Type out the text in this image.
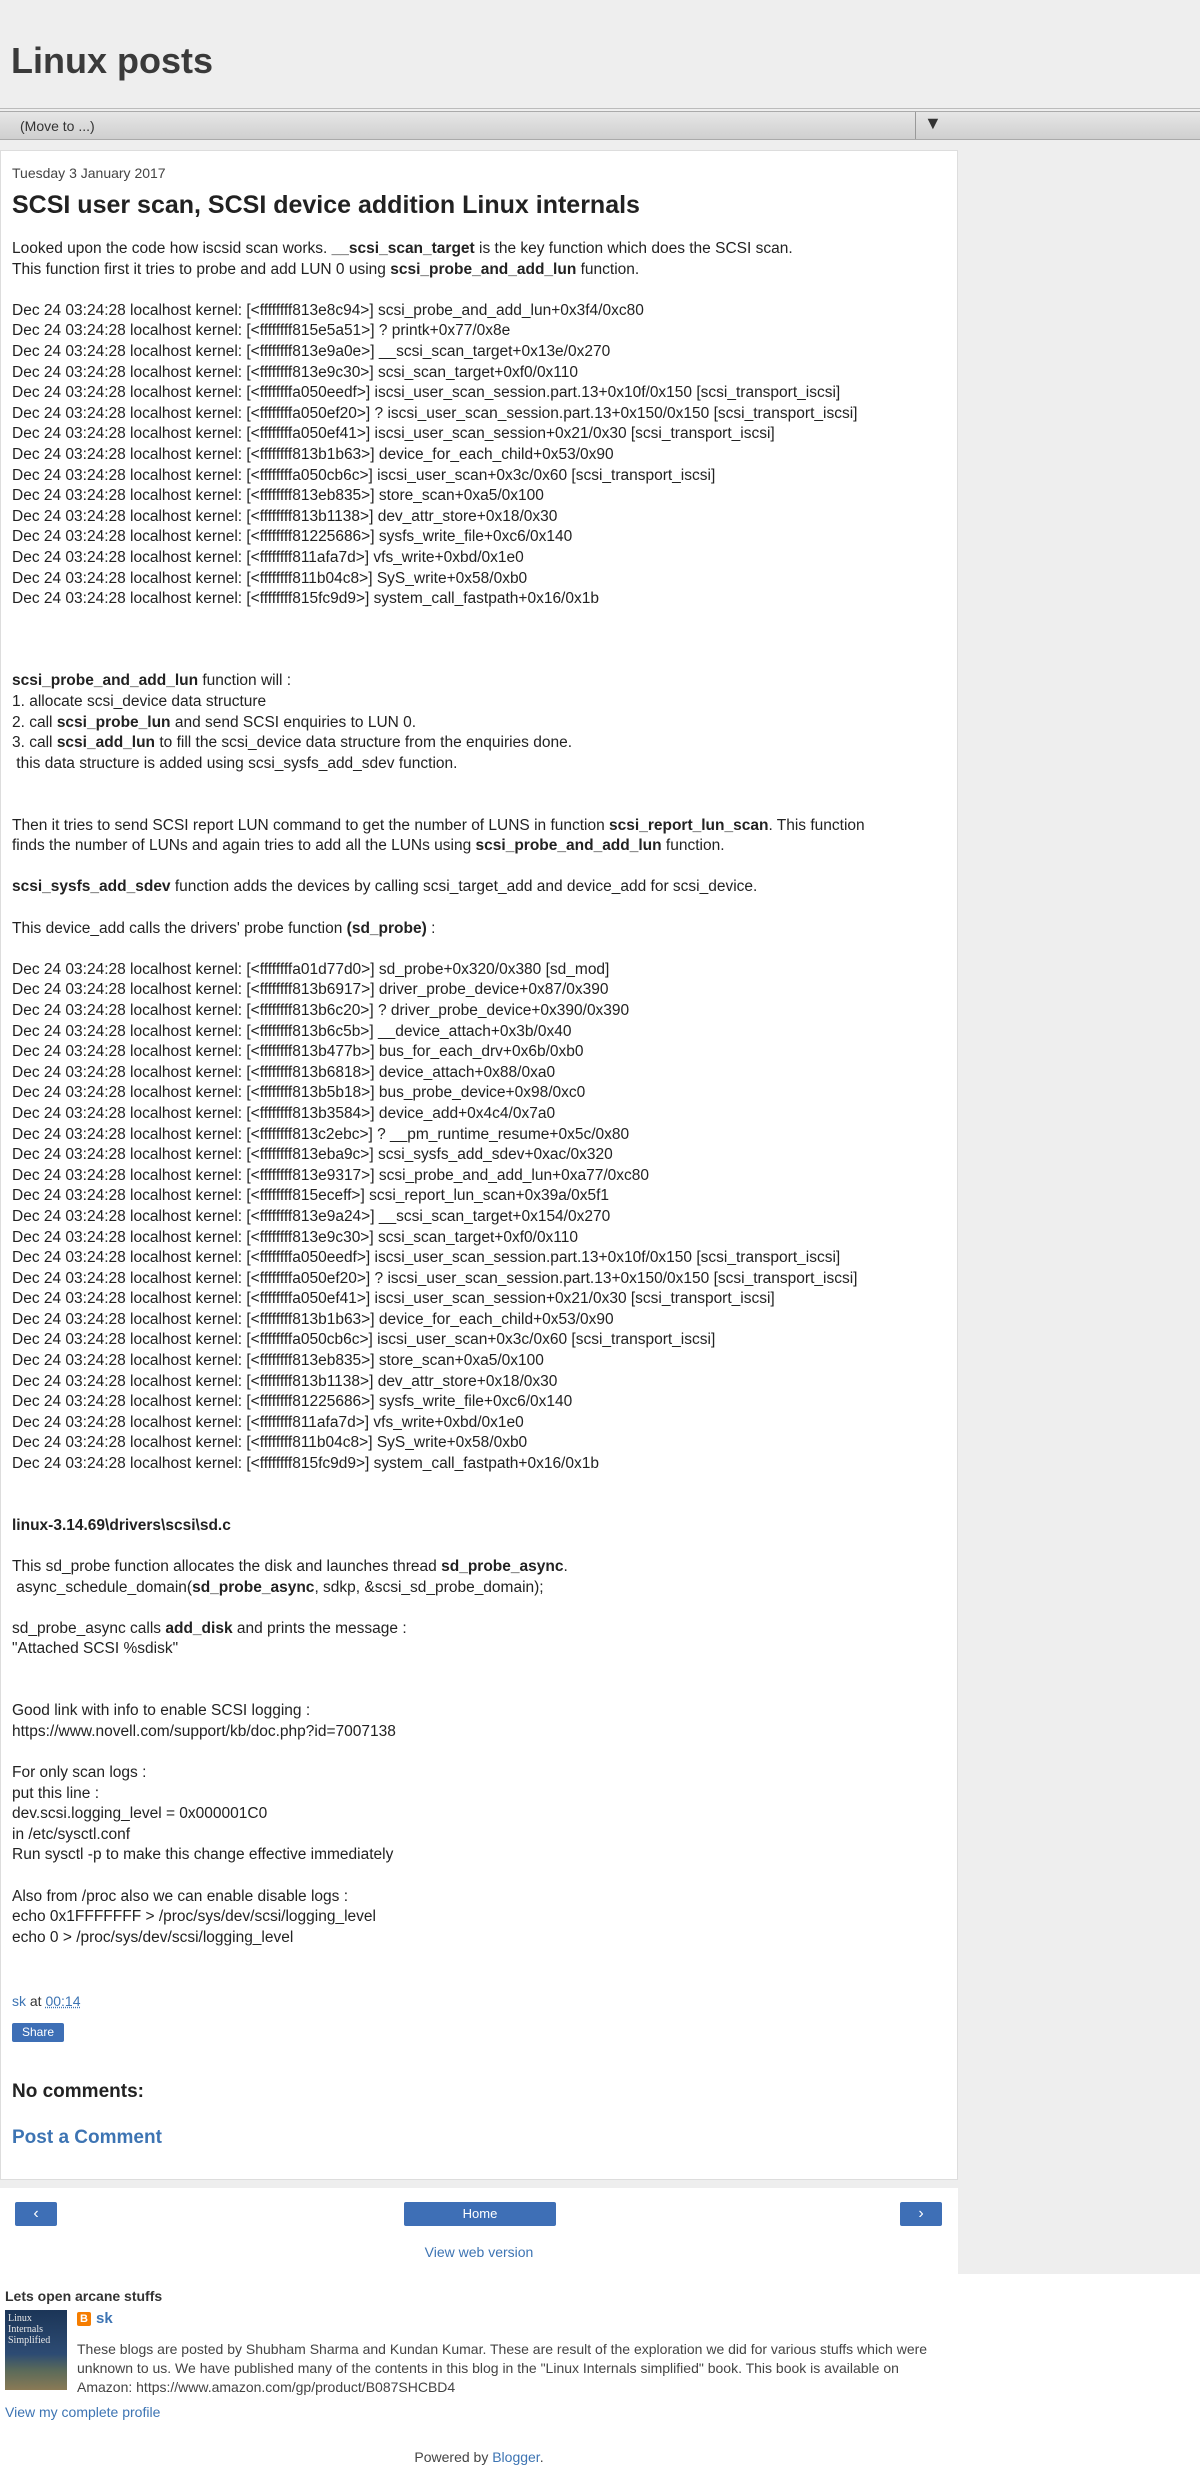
Linux posts
(Move to ...)	▼
Tuesday 3 January 2017
SCSI user scan, SCSI device addition Linux internals
Looked upon the code how iscsid scan works. __scsi_scan_target is the key function which does the SCSI scan.
This function first it tries to probe and add LUN 0 using scsi_probe_and_add_lun function.
Dec 24 03:24:28 localhost kernel: [<ffffffff813e8c94>] scsi_probe_and_add_lun+0x3f4/0xc80
Dec 24 03:24:28 localhost kernel: [<ffffffff815e5a51>] ? printk+0x77/0x8e
Dec 24 03:24:28 localhost kernel: [<ffffffff813e9a0e>] __scsi_scan_target+0x13e/0x270
Dec 24 03:24:28 localhost kernel: [<ffffffff813e9c30>] scsi_scan_target+0xf0/0x110
Dec 24 03:24:28 localhost kernel: [<ffffffffa050eedf>] iscsi_user_scan_session.part.13+0x10f/0x150 [scsi_transport_iscsi]
Dec 24 03:24:28 localhost kernel: [<ffffffffa050ef20>] ? iscsi_user_scan_session.part.13+0x150/0x150 [scsi_transport_iscsi]
Dec 24 03:24:28 localhost kernel: [<ffffffffa050ef41>] iscsi_user_scan_session+0x21/0x30 [scsi_transport_iscsi]
Dec 24 03:24:28 localhost kernel: [<ffffffff813b1b63>] device_for_each_child+0x53/0x90
Dec 24 03:24:28 localhost kernel: [<ffffffffa050cb6c>] iscsi_user_scan+0x3c/0x60 [scsi_transport_iscsi]
Dec 24 03:24:28 localhost kernel: [<ffffffff813eb835>] store_scan+0xa5/0x100
Dec 24 03:24:28 localhost kernel: [<ffffffff813b1138>] dev_attr_store+0x18/0x30
Dec 24 03:24:28 localhost kernel: [<ffffffff81225686>] sysfs_write_file+0xc6/0x140
Dec 24 03:24:28 localhost kernel: [<ffffffff811afa7d>] vfs_write+0xbd/0x1e0
Dec 24 03:24:28 localhost kernel: [<ffffffff811b04c8>] SyS_write+0x58/0xb0
Dec 24 03:24:28 localhost kernel: [<ffffffff815fc9d9>] system_call_fastpath+0x16/0x1b
scsi_probe_and_add_lun function will :
1. allocate scsi_device data structure
2. call scsi_probe_lun and send SCSI enquiries to LUN 0.
3. call scsi_add_lun to fill the scsi_device data structure from the enquiries done.
this data structure is added using scsi_sysfs_add_sdev function.
Then it tries to send SCSI report LUN command to get the number of LUNS in function scsi_report_lun_scan. This function
finds the number of LUNs and again tries to add all the LUNs using scsi_probe_and_add_lun function.
scsi_sysfs_add_sdev function adds the devices by calling scsi_target_add and device_add for scsi_device.
This device_add calls the drivers' probe function (sd_probe) :
Dec 24 03:24:28 localhost kernel: [<ffffffffa01d77d0>] sd_probe+0x320/0x380 [sd_mod]
Dec 24 03:24:28 localhost kernel: [<ffffffff813b6917>] driver_probe_device+0x87/0x390
Dec 24 03:24:28 localhost kernel: [<ffffffff813b6c20>] ? driver_probe_device+0x390/0x390
Dec 24 03:24:28 localhost kernel: [<ffffffff813b6c5b>] __device_attach+0x3b/0x40
Dec 24 03:24:28 localhost kernel: [<ffffffff813b477b>] bus_for_each_drv+0x6b/0xb0
Dec 24 03:24:28 localhost kernel: [<ffffffff813b6818>] device_attach+0x88/0xa0
Dec 24 03:24:28 localhost kernel: [<ffffffff813b5b18>] bus_probe_device+0x98/0xc0
Dec 24 03:24:28 localhost kernel: [<ffffffff813b3584>] device_add+0x4c4/0x7a0
Dec 24 03:24:28 localhost kernel: [<ffffffff813c2ebc>] ? __pm_runtime_resume+0x5c/0x80
Dec 24 03:24:28 localhost kernel: [<ffffffff813eba9c>] scsi_sysfs_add_sdev+0xac/0x320
Dec 24 03:24:28 localhost kernel: [<ffffffff813e9317>] scsi_probe_and_add_lun+0xa77/0xc80
Dec 24 03:24:28 localhost kernel: [<ffffffff815eceff>] scsi_report_lun_scan+0x39a/0x5f1
Dec 24 03:24:28 localhost kernel: [<ffffffff813e9a24>] __scsi_scan_target+0x154/0x270
Dec 24 03:24:28 localhost kernel: [<ffffffff813e9c30>] scsi_scan_target+0xf0/0x110
Dec 24 03:24:28 localhost kernel: [<ffffffffa050eedf>] iscsi_user_scan_session.part.13+0x10f/0x150 [scsi_transport_iscsi]
Dec 24 03:24:28 localhost kernel: [<ffffffffa050ef20>] ? iscsi_user_scan_session.part.13+0x150/0x150 [scsi_transport_iscsi]
Dec 24 03:24:28 localhost kernel: [<ffffffffa050ef41>] iscsi_user_scan_session+0x21/0x30 [scsi_transport_iscsi]
Dec 24 03:24:28 localhost kernel: [<ffffffff813b1b63>] device_for_each_child+0x53/0x90
Dec 24 03:24:28 localhost kernel: [<ffffffffa050cb6c>] iscsi_user_scan+0x3c/0x60 [scsi_transport_iscsi]
Dec 24 03:24:28 localhost kernel: [<ffffffff813eb835>] store_scan+0xa5/0x100
Dec 24 03:24:28 localhost kernel: [<ffffffff813b1138>] dev_attr_store+0x18/0x30
Dec 24 03:24:28 localhost kernel: [<ffffffff81225686>] sysfs_write_file+0xc6/0x140
Dec 24 03:24:28 localhost kernel: [<ffffffff811afa7d>] vfs_write+0xbd/0x1e0
Dec 24 03:24:28 localhost kernel: [<ffffffff811b04c8>] SyS_write+0x58/0xb0
Dec 24 03:24:28 localhost kernel: [<ffffffff815fc9d9>] system_call_fastpath+0x16/0x1b
linux-3.14.69\drivers\scsi\sd.c
This sd_probe function allocates the disk and launches thread sd_probe_async.
async_schedule_domain(sd_probe_async, sdkp, &scsi_sd_probe_domain);
sd_probe_async calls add_disk and prints the message :
"Attached SCSI %sdisk"
Good link with info to enable SCSI logging :
https://www.novell.com/support/kb/doc.php?id=7007138
For only scan logs :
put this line :
dev.scsi.logging_level = 0x000001C0
in /etc/sysctl.conf
Run sysctl -p to make this change effective immediately
Also from /proc also we can enable disable logs :
echo 0x1FFFFFFF > /proc/sys/dev/scsi/logging_level
echo 0 > /proc/sys/dev/scsi/logging_level
sk at 00:14
Share
No comments:
Post a Comment
‹	Home	›
View web version
Lets open arcane stuffs
Linux Internals Simplified
B sk
These blogs are posted by Shubham Sharma and Kundan Kumar. These are result of the exploration we did for various stuffs which were unknown to us. We have published many of the contents in this blog in the "Linux Internals simplified" book. This book is available on Amazon: https://www.amazon.com/gp/product/B087SHCBD4
View my complete profile
Powered by Blogger.
